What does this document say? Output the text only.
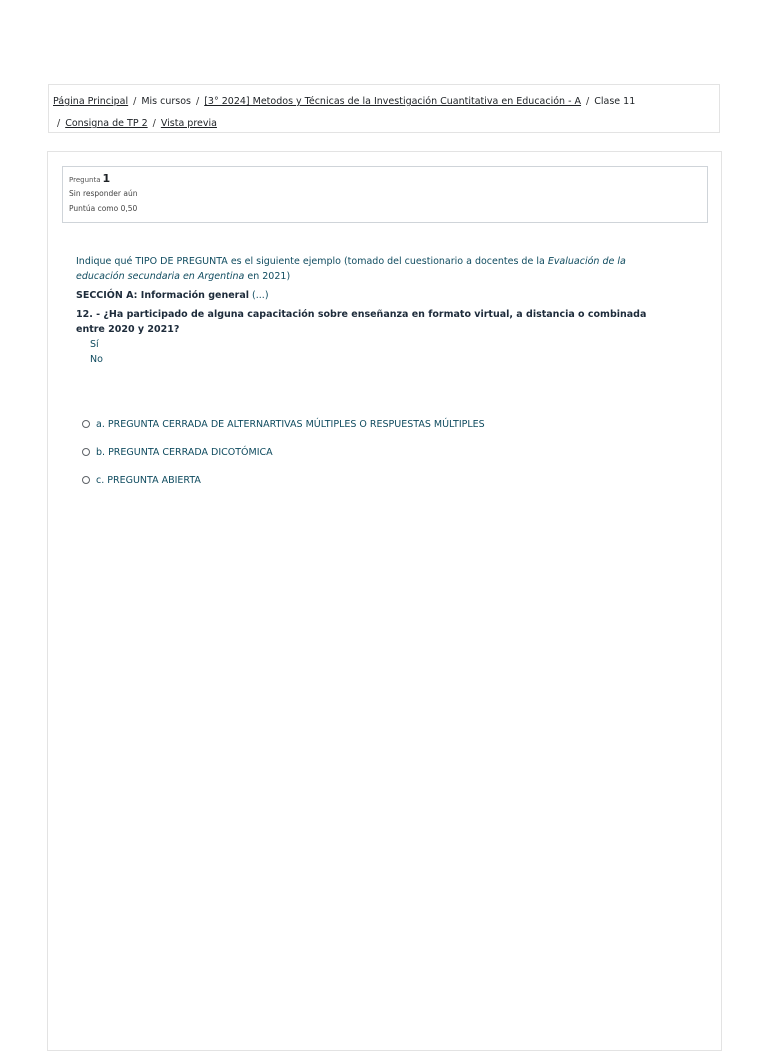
Página Principal / Mis cursos / [3° 2024] Metodos y Técnicas de la Investigación Cuantitativa en Educación - A / Clase 11
/ Consigna de TP 2 / Vista previa
Pregunta 1
Sin responder aún
Puntúa como 0,50

Indique qué TIPO DE PREGUNTA es el siguiente ejemplo (tomado del cuestionario a docentes de la Evaluación de la educación secundaria en Argentina en 2021)

SECCIÓN A: Información general (...)

12. - ¿Ha participado de alguna capacitación sobre enseñanza en formato virtual, a distancia o combinada entre 2020 y 2021?

Sí
No
a. PREGUNTA CERRADA DE ALTERNARTIVAS MÚLTIPLES O RESPUESTAS MÚLTIPLES
b. PREGUNTA CERRADA DICOTÓMICA
c. PREGUNTA ABIERTA
